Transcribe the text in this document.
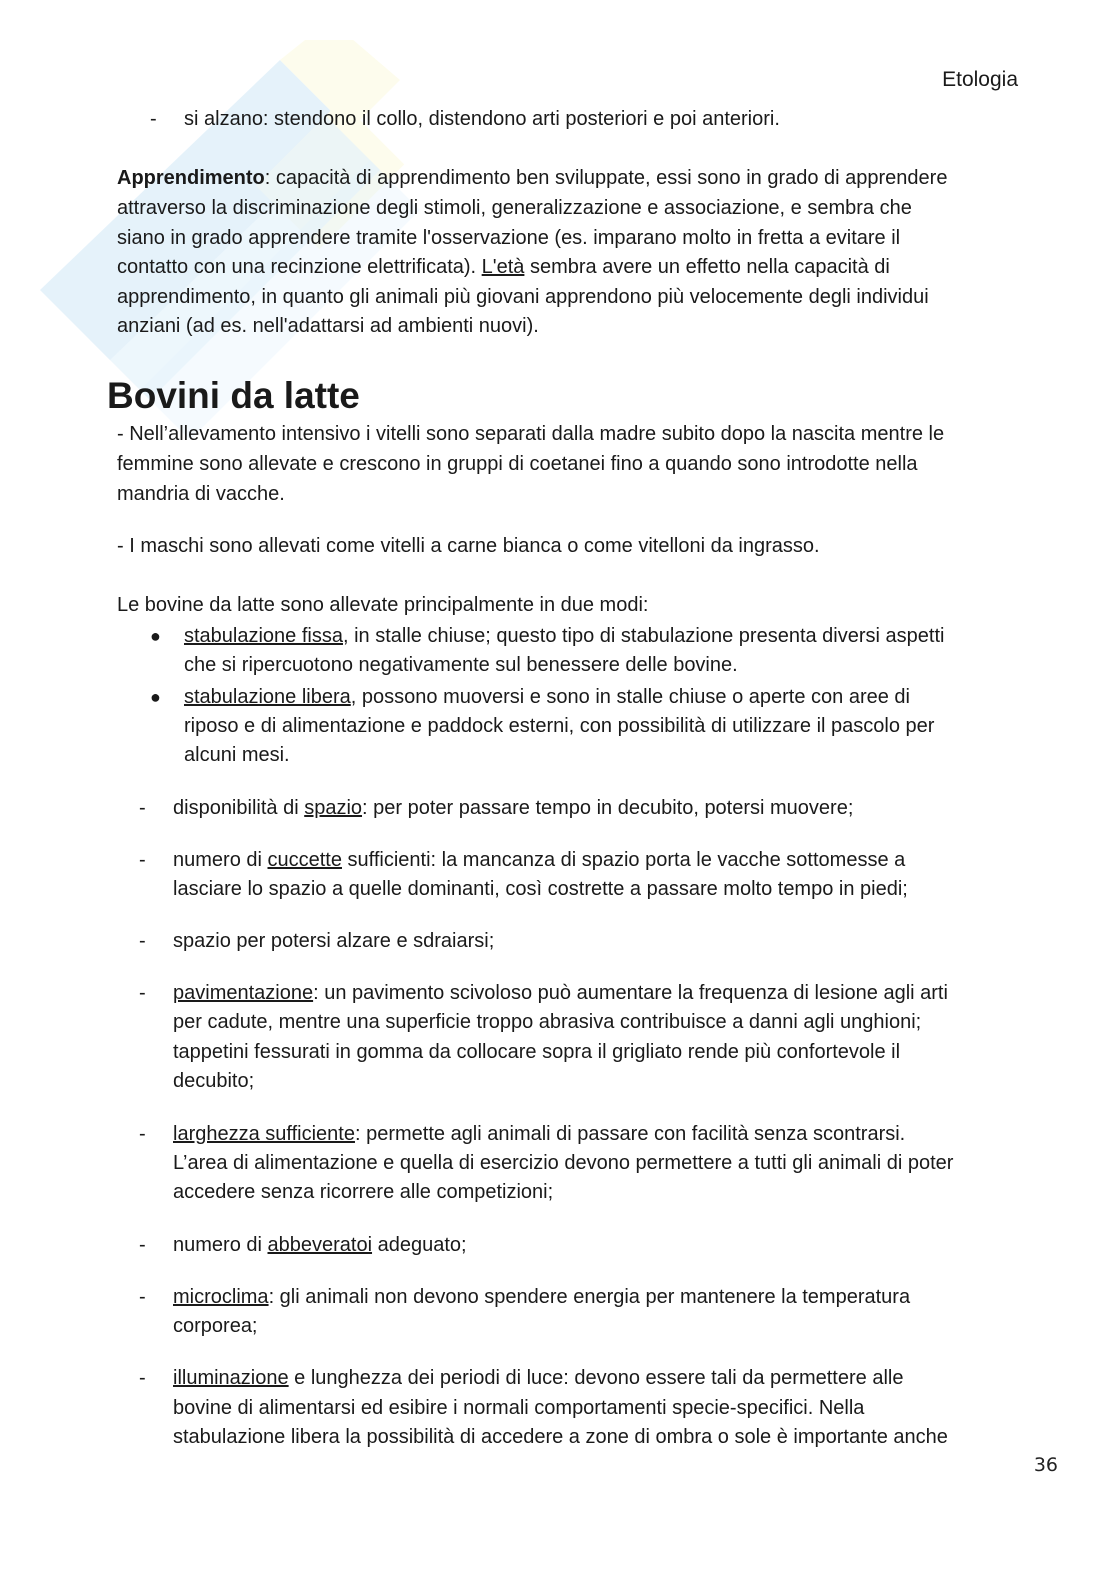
Etologia
- si alzano: stendono il collo, distendono arti posteriori e poi anteriori.
Apprendimento: capacità di apprendimento ben sviluppate, essi sono in grado di apprendere
attraverso la discriminazione degli stimoli, generalizzazione e associazione, e sembra che
siano in grado apprendere tramite l'osservazione (es. imparano molto in fretta a evitare il
contatto con una recinzione elettrificata). L'età sembra avere un effetto nella capacità di
apprendimento, in quanto gli animali più giovani apprendono più velocemente degli individui
anziani (ad es. nell'adattarsi ad ambienti nuovi).
Bovini da latte
- Nell’allevamento intensivo i vitelli sono separati dalla madre subito dopo la nascita mentre le
femmine sono allevate e crescono in gruppi di coetanei fino a quando sono introdotte nella
mandria di vacche.
- I maschi sono allevati come vitelli a carne bianca o come vitelloni da ingrasso.
Le bovine da latte sono allevate principalmente in due modi:
● stabulazione fissa, in stalle chiuse; questo tipo di stabulazione presenta diversi aspetti
che si ripercuotono negativamente sul benessere delle bovine.
● stabulazione libera, possono muoversi e sono in stalle chiuse o aperte con aree di
riposo e di alimentazione e paddock esterni, con possibilità di utilizzare il pascolo per
alcuni mesi.
- disponibilità di spazio: per poter passare tempo in decubito, potersi muovere;
- numero di cuccette sufficienti: la mancanza di spazio porta le vacche sottomesse a
lasciare lo spazio a quelle dominanti, così costrette a passare molto tempo in piedi;
- spazio per potersi alzare e sdraiarsi;
- pavimentazione: un pavimento scivoloso può aumentare la frequenza di lesione agli arti
per cadute, mentre una superficie troppo abrasiva contribuisce a danni agli unghioni;
tappetini fessurati in gomma da collocare sopra il grigliato rende più confortevole il
decubito;
- larghezza sufficiente: permette agli animali di passare con facilità senza scontrarsi.
L’area di alimentazione e quella di esercizio devono permettere a tutti gli animali di poter
accedere senza ricorrere alle competizioni;
- numero di abbeveratoi adeguato;
- microclima: gli animali non devono spendere energia per mantenere la temperatura
corporea;
- illuminazione e lunghezza dei periodi di luce: devono essere tali da permettere alle
bovine di alimentarsi ed esibire i normali comportamenti specie-specifici. Nella
stabulazione libera la possibilità di accedere a zone di ombra o sole è importante anche
36
